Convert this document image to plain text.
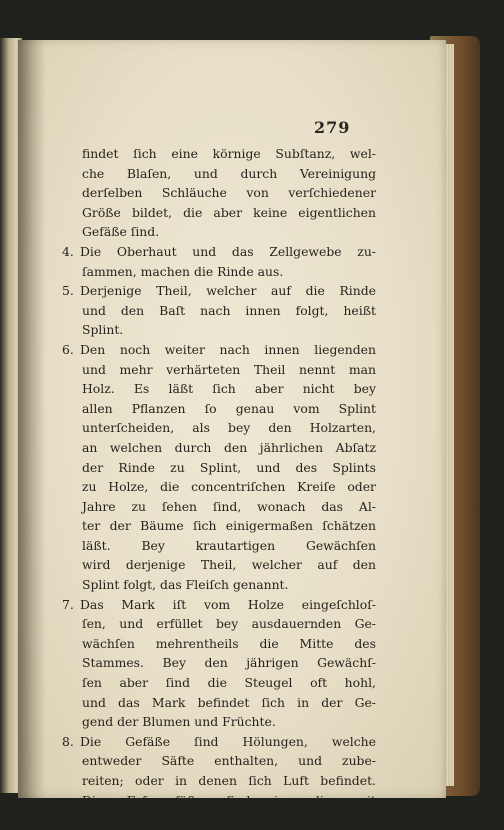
279
findet ſich eine körnige Subſtanz, wel-
che Blaſen, und durch Vereinigung
derſelben Schläuche von verſchiedener
Größe bildet, die aber keine eigentlichen
Gefäße ſind.
4. Die Oberhaut und das Zellgewebe zu-
ſammen, machen die Rinde aus.
5. Derjenige Theil, welcher auf die Rinde
und den Baſt nach innen folgt, heißt
Splint.
6. Den noch weiter nach innen liegenden
und mehr verhärteten Theil nennt man
Holz. Es läßt ſich aber nicht bey
allen Pflanzen ſo genau vom Splint
unterſcheiden, als bey den Holzarten,
an welchen durch den jährlichen Abſatz
der Rinde zu Splint, und des Splints
zu Holze, die concentriſchen Kreiſe oder
Jahre zu ſehen ſind, wonach das Al-
ter der Bäume ſich einigermaßen ſchätzen
läßt. Bey krautartigen Gewächſen
wird derjenige Theil, welcher auf den
Splint folgt, das Fleiſch genannt.
7. Das Mark iſt vom Holze eingeſchloſ-
ſen, und erfüllet bey ausdauernden Ge-
wächſen mehrentheils die Mitte des
Stammes. Bey den jährigen Gewächſ-
ſen aber ſind die Steugel oft hohl,
und das Mark befindet ſich in der Ge-
gend der Blumen und Früchte.
8. Die Gefäße ſind Hölungen, welche
entweder Säfte enthalten, und zube-
reiten; oder in denen ſich Luft befindet.
Die Faſergefäße ſind inwendig mit
Haaren oder Faſern beſetzt. Zu den
